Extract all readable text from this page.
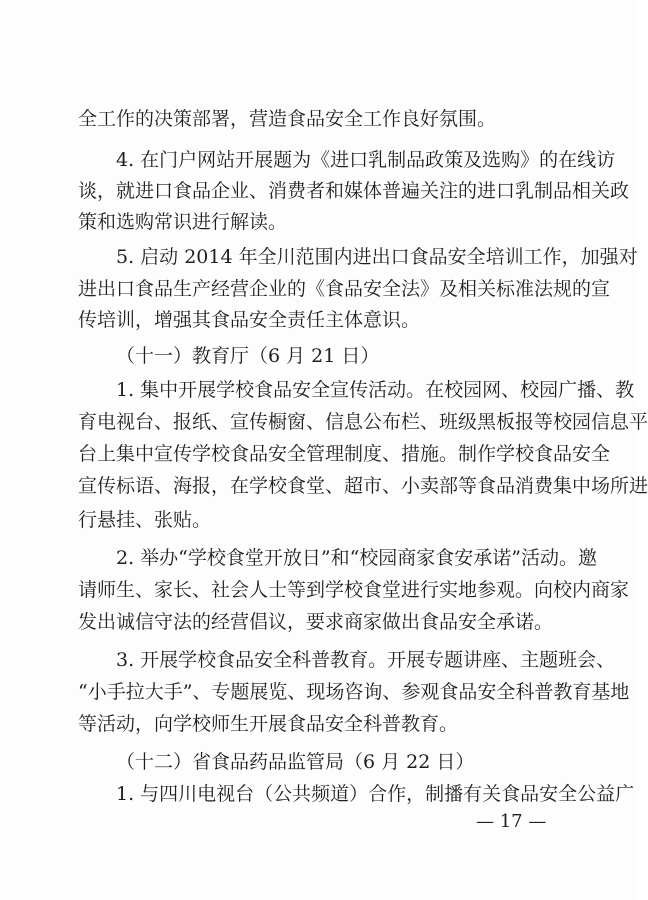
全工作的决策部署，营造食品安全工作良好氛围。
4. 在门户网站开展题为《进口乳制品政策及选购》的在线访
谈，就进口食品企业、消费者和媒体普遍关注的进口乳制品相关政
策和选购常识进行解读。
5. 启动 2014 年全川范围内进出口食品安全培训工作，加强对
进出口食品生产经营企业的《食品安全法》及相关标准法规的宣
传培训，增强其食品安全责任主体意识。
（十一）教育厅（6 月 21 日）
1. 集中开展学校食品安全宣传活动。在校园网、校园广播、教
育电视台、报纸、宣传橱窗、信息公布栏、班级黑板报等校园信息平
台上集中宣传学校食品安全管理制度、措施。制作学校食品安全
宣传标语、海报，在学校食堂、超市、小卖部等食品消费集中场所进
行悬挂、张贴。
2. 举办“学校食堂开放日”和“校园商家食安承诺”活动。邀
请师生、家长、社会人士等到学校食堂进行实地参观。向校内商家
发出诚信守法的经营倡议，要求商家做出食品安全承诺。
3. 开展学校食品安全科普教育。开展专题讲座、主题班会、
“小手拉大手”、专题展览、现场咨询、参观食品安全科普教育基地
等活动，向学校师生开展食品安全科普教育。
（十二）省食品药品监管局（6 月 22 日）
1. 与四川电视台（公共频道）合作，制播有关食品安全公益广
— 17 —
